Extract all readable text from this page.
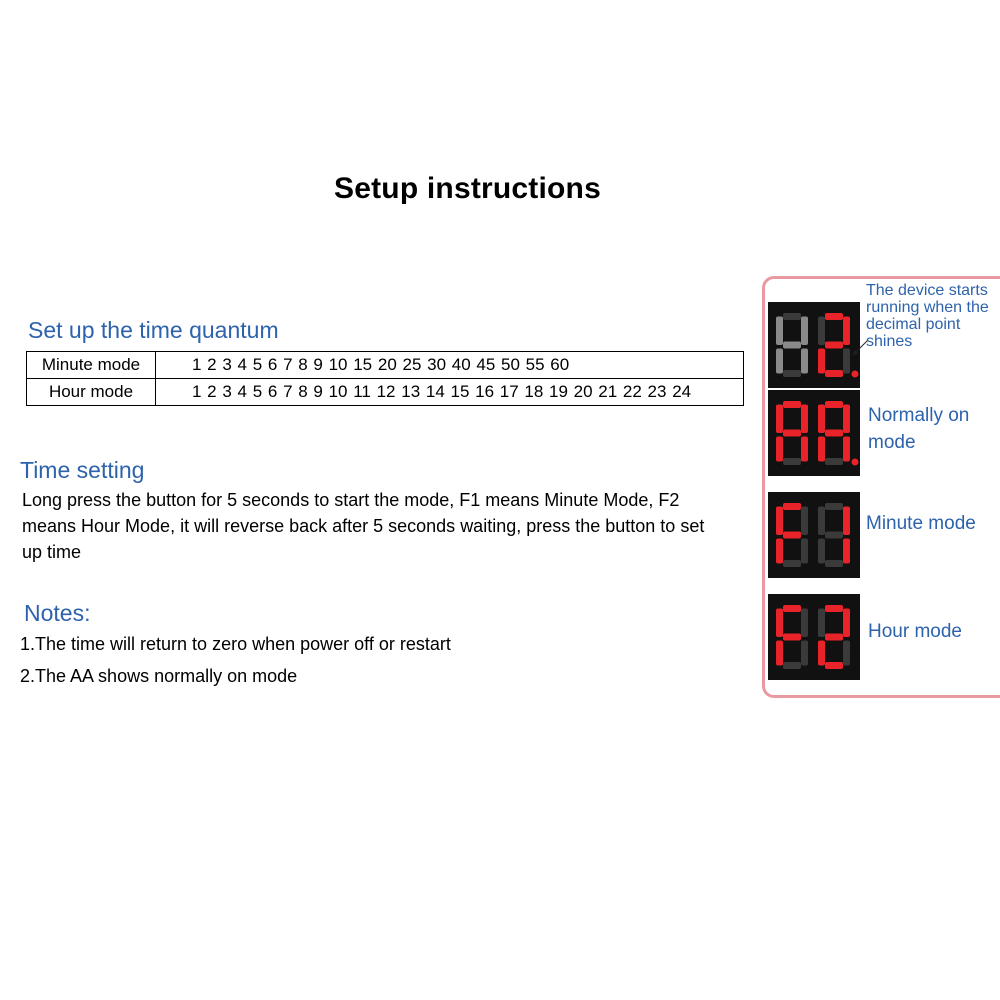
Setup instructions
Set up the time quantum
Minute mode	1 2 3 4 5 6 7 8 9 10 15 20 25 30 40 45 50 55 60
Hour mode	1 2 3 4 5 6 7 8 9 10 11 12 13 14 15 16 17 18 19 20 21 22 23 24
Time setting
Long press the button for 5 seconds to start the mode, F1 means Minute Mode, F2 means Hour Mode, it will reverse back after 5 seconds waiting, press the button to set up time
Notes:
1.The time will return to zero when power off or restart
2.The AA shows normally on mode
The device starts running when the decimal point shines
Normally on mode
Minute mode
Hour mode
